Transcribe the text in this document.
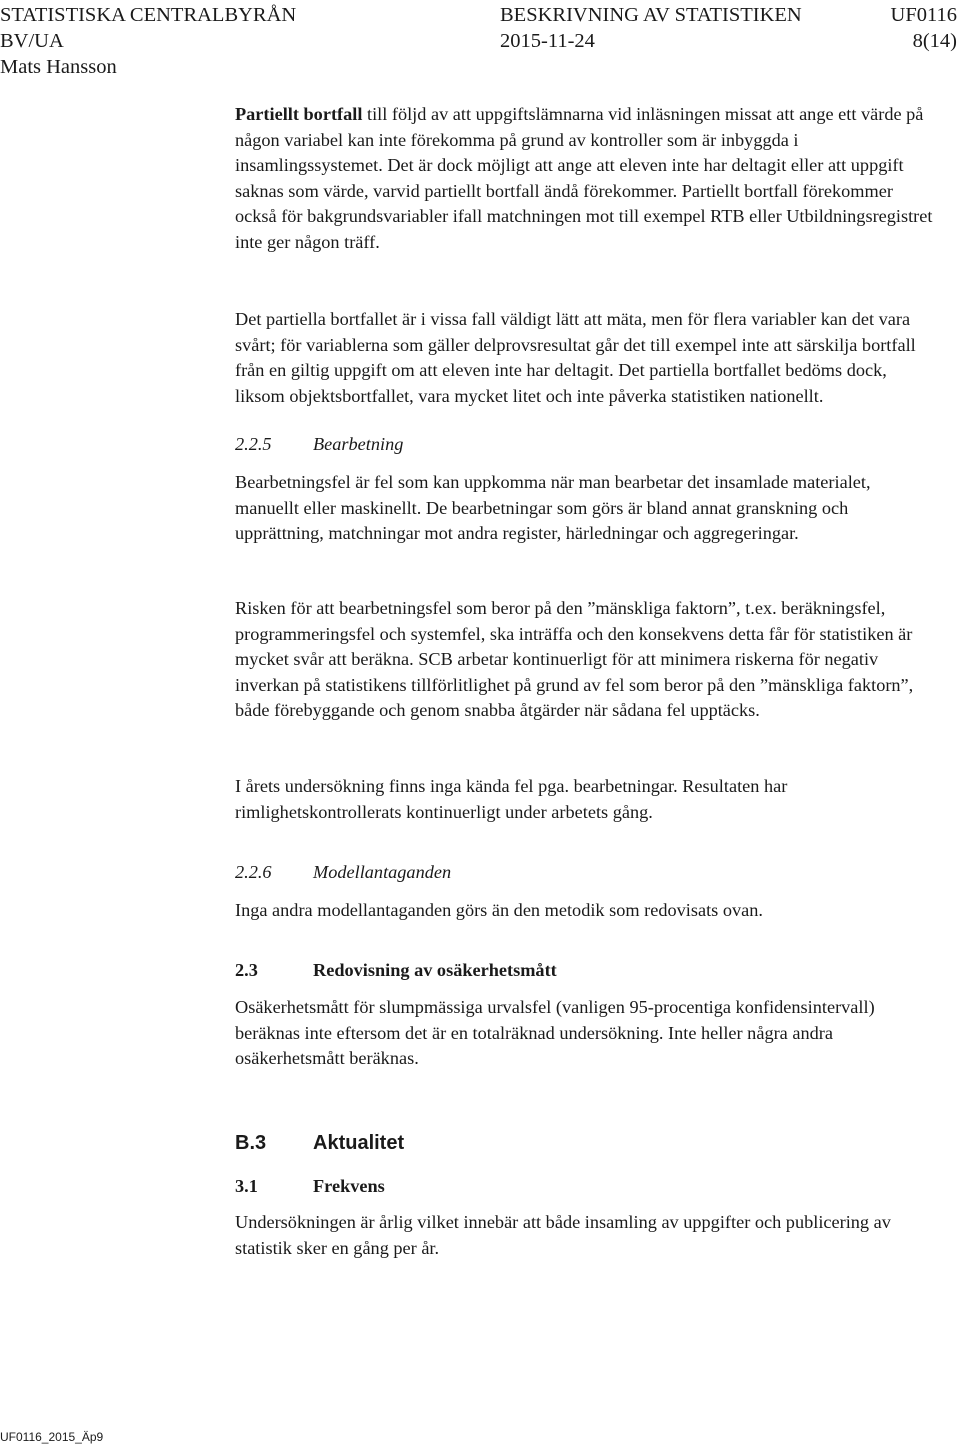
STATISTISKA CENTRALBYRÅN	BESKRIVNING AV STATISTIKEN	UF0116
BV/UA	2015-11-24	8(14)
Mats Hansson

Partiellt bortfall till följd av att uppgiftslämnarna vid inläsningen missat att ange ett värde på någon variabel kan inte förekomma på grund av kontroller som är inbyggda i insamlingssystemet. Det är dock möjligt att ange att eleven inte har deltagit eller att uppgift saknas som värde, varvid partiellt bortfall ändå förekommer. Partiellt bortfall förekommer också för bakgrundsvariabler ifall matchningen mot till exempel RTB eller Utbildningsregistret inte ger någon träff.

Det partiella bortfallet är i vissa fall väldigt lätt att mäta, men för flera variabler kan det vara svårt; för variablerna som gäller delprovsresultat går det till exempel inte att särskilja bortfall från en giltig uppgift om att eleven inte har deltagit. Det partiella bortfallet bedöms dock, liksom objektsbortfallet, vara mycket litet och inte påverka statistiken nationellt.
2.2.5 Bearbetning
Bearbetningsfel är fel som kan uppkomma när man bearbetar det insamlade materialet, manuellt eller maskinellt. De bearbetningar som görs är bland annat granskning och upprättning, matchningar mot andra register, härledningar och aggregeringar.
Risken för att bearbetningsfel som beror på den ”mänskliga faktorn”, t.ex. beräkningsfel, programmeringsfel och systemfel, ska inträffa och den konsekvens detta får för statistiken är mycket svår att beräkna. SCB arbetar kontinuerligt för att minimera riskerna för negativ inverkan på statistikens tillförlitlighet på grund av fel som beror på den ”mänskliga faktorn”, både förebyggande och genom snabba åtgärder när sådana fel upptäcks.
I årets undersökning finns inga kända fel pga. bearbetningar. Resultaten har rimlighetskontrollerats kontinuerligt under arbetets gång.
2.2.6 Modellantaganden
Inga andra modellantaganden görs än den metodik som redovisats ovan.
2.3	Redovisning av osäkerhetsmått
Osäkerhetsmått för slumpmässiga urvalsfel (vanligen 95-procentiga konfidensintervall) beräknas inte eftersom det är en totalräknad undersökning. Inte heller några andra osäkerhetsmått beräknas.
B.3 Aktualitet
3.1	Frekvens
Undersökningen är årlig vilket innebär att både insamling av uppgifter och publicering av statistik sker en gång per år.
UF0116_2015_Äp9
